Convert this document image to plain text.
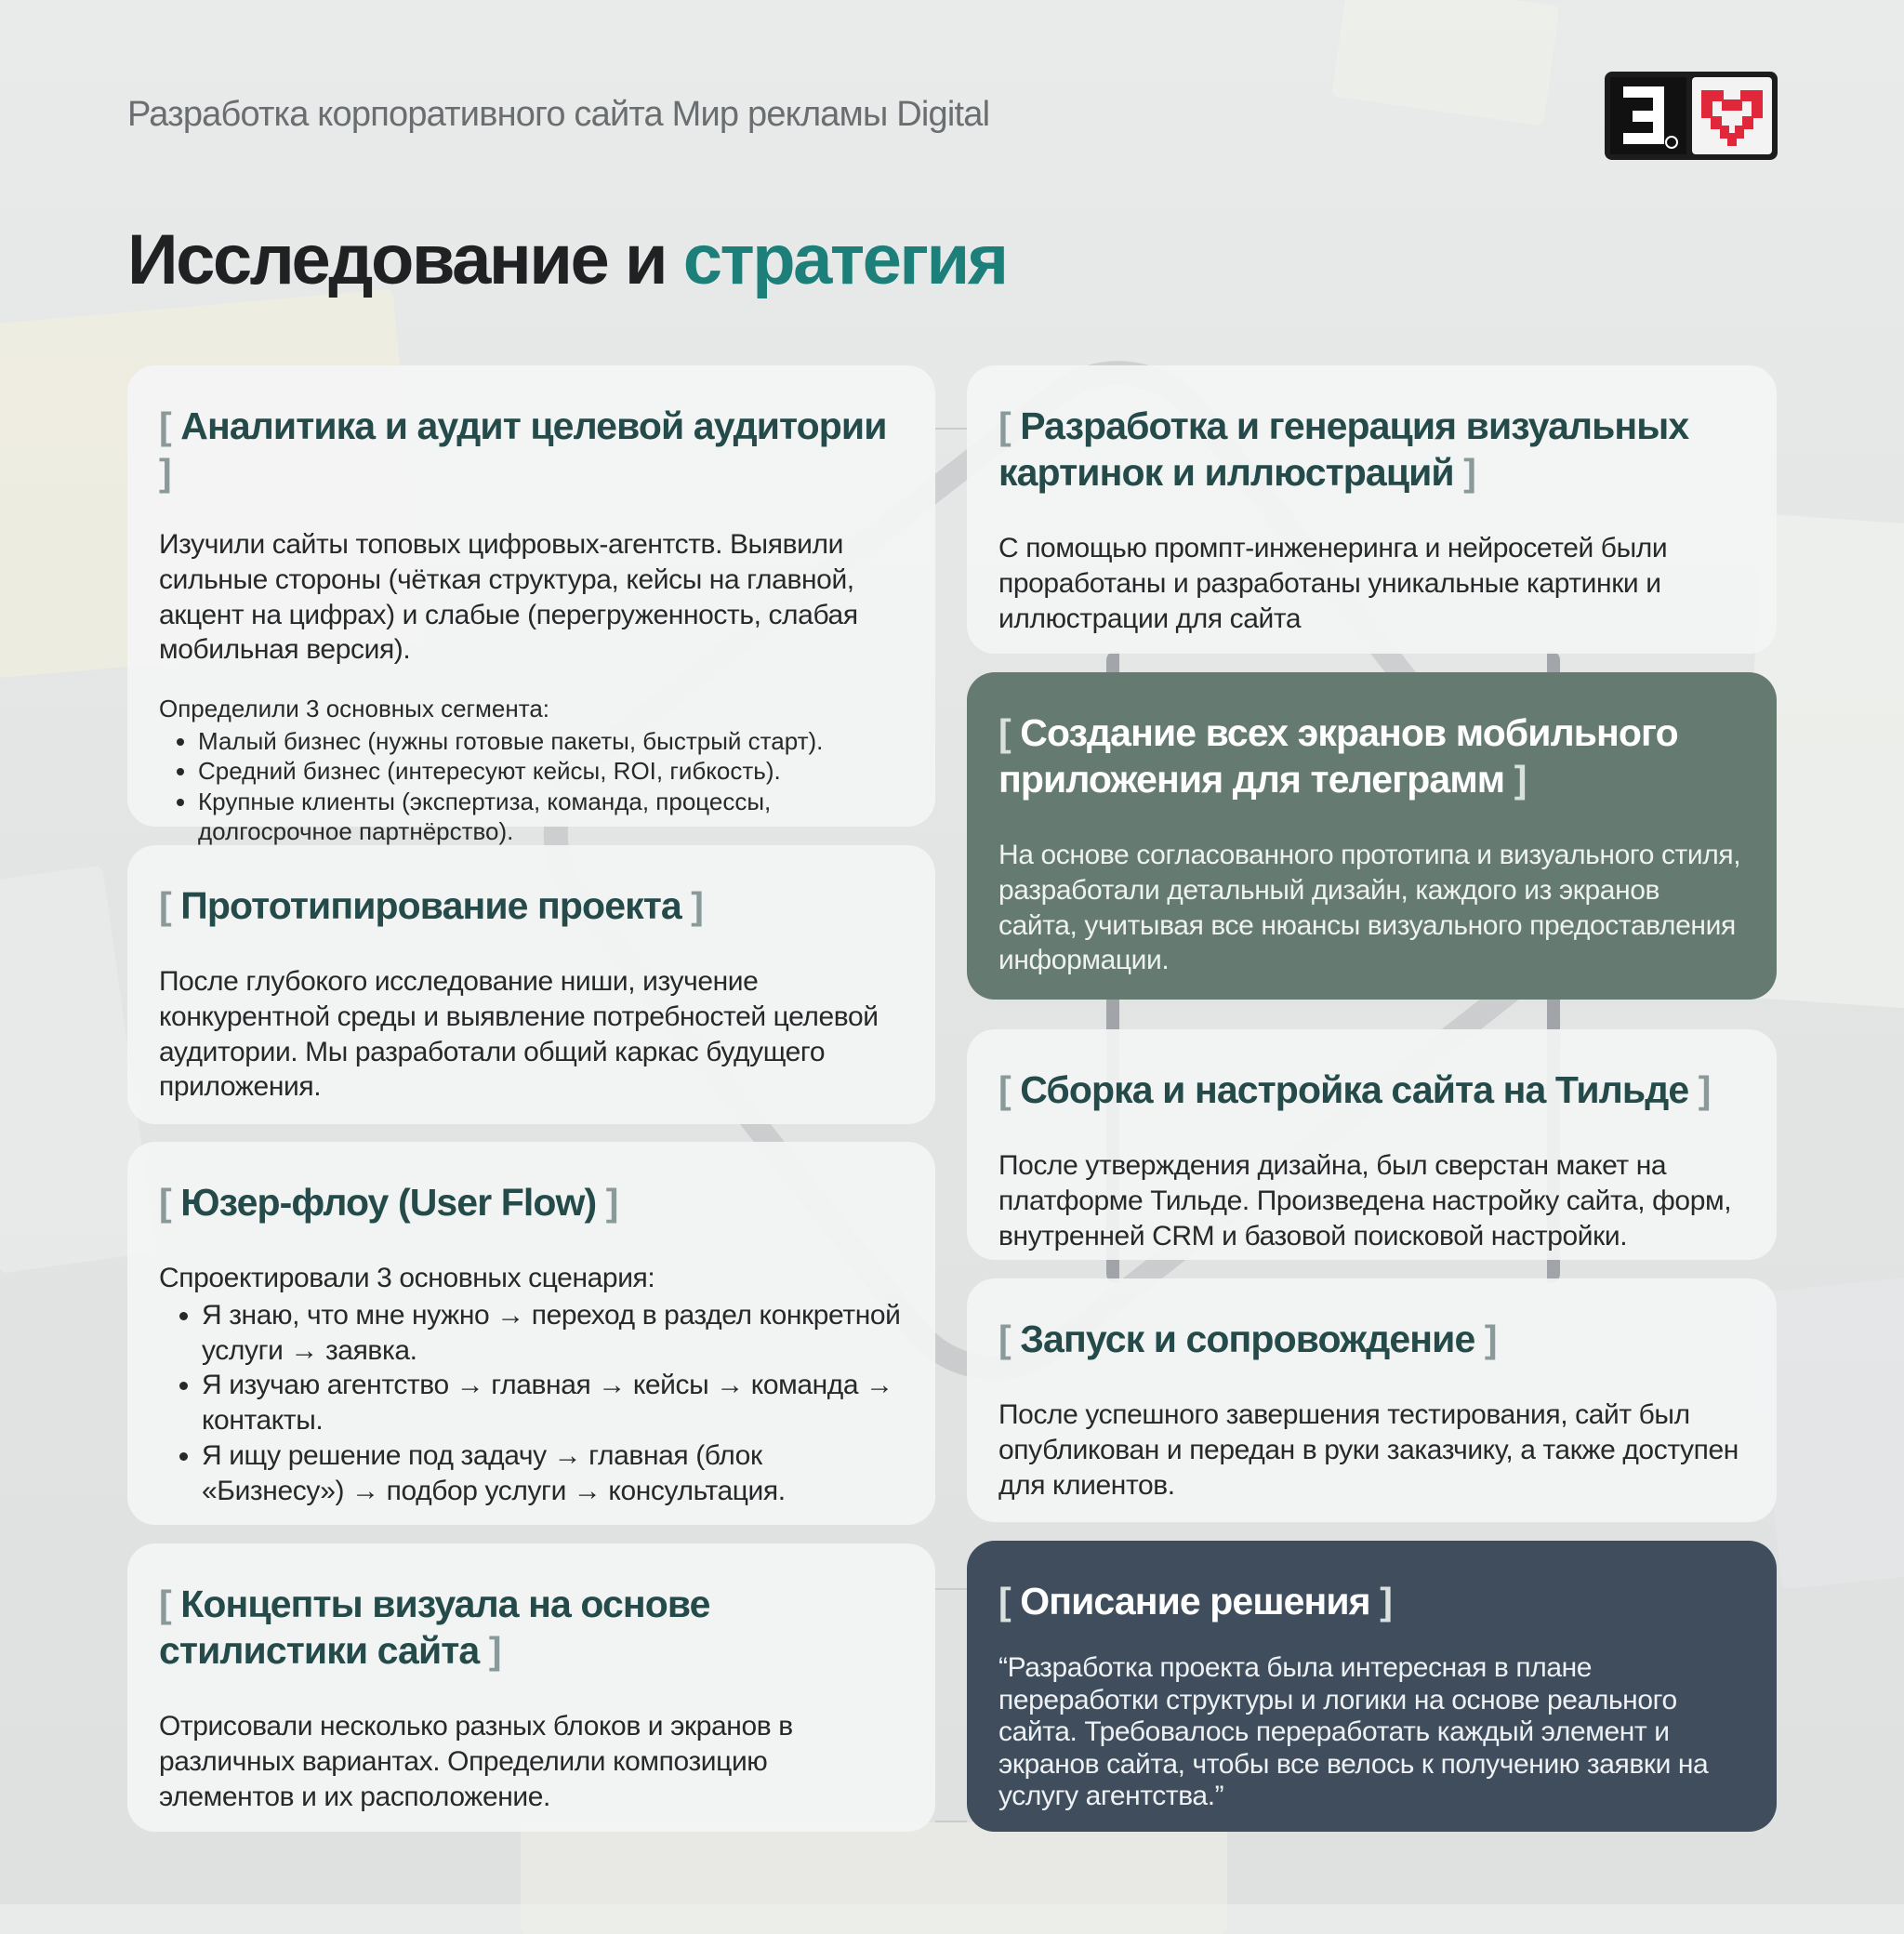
Разработка корпоративного сайта Мир рекламы Digital
Исследование и стратегия
[ Аналитика и аудит целевой аудитории ]

Изучили сайты топовых цифровых-агентств. Выявили сильные стороны (чёткая структура, кейсы на главной, акцент на цифрах) и слабые (перегруженность, слабая мобильная версия).

Определили 3 основных сегмента:

• Малый бизнес (нужны готовые пакеты, быстрый старт).
• Средний бизнес (интересуют кейсы, ROI, гибкость).
• Крупные клиенты (экспертиза, команда, процессы, долгосрочное партнёрство).
[ Прототипирование проекта ]

После глубокого исследование ниши, изучение конкурентной среды и выявление потребностей целевой аудитории. Мы разработали общий каркас будущего приложения.

[ Юзер-флоу (User Flow) ]

Спроектировали 3 основных сценария:

• Я знаю, что мне нужно → переход в раздел конкретной услуги → заявка.
• Я изучаю агентство → главная → кейсы → команда → контакты.
• Я ищу решение под задачу → главная (блок «Бизнесу») → подбор услуги → консультация.
[ Концепты визуала на основе стилистики сайта ]

Отрисовали несколько разных блоков и экранов в различных вариантах. Определили композицию элементов и их расположение.

[ Разработка и генерация визуальных картинок и иллюстраций ]

С помощью промпт-инженеринга и нейросетей были проработаны и разработаны уникальные картинки и иллюстрации для сайта

[ Создание всех экранов мобильного приложения для телеграмм ]

На основе согласованного прототипа и визуального стиля, разработали детальный дизайн, каждого из экранов сайта, учитывая все нюансы визуального предоставления информации.

[ Сборка и настройка сайта на Тильде ]

После утверждения дизайна, был сверстан макет на платформе Тильде. Произведена настройку сайта, форм, внутренней CRM и базовой поисковой настройки.

[ Запуск и сопровождение ]

После успешного завершения тестирования, сайт был опубликован и передан в руки заказчику, а также доступен для клиентов.

[ Описание решения ]

“Разработка проекта была интересная в плане переработки структуры и логики на основе реального сайта. Требовалось переработать каждый элемент и экранов сайта, чтобы все велось к получению заявки на услугу агентства.”
